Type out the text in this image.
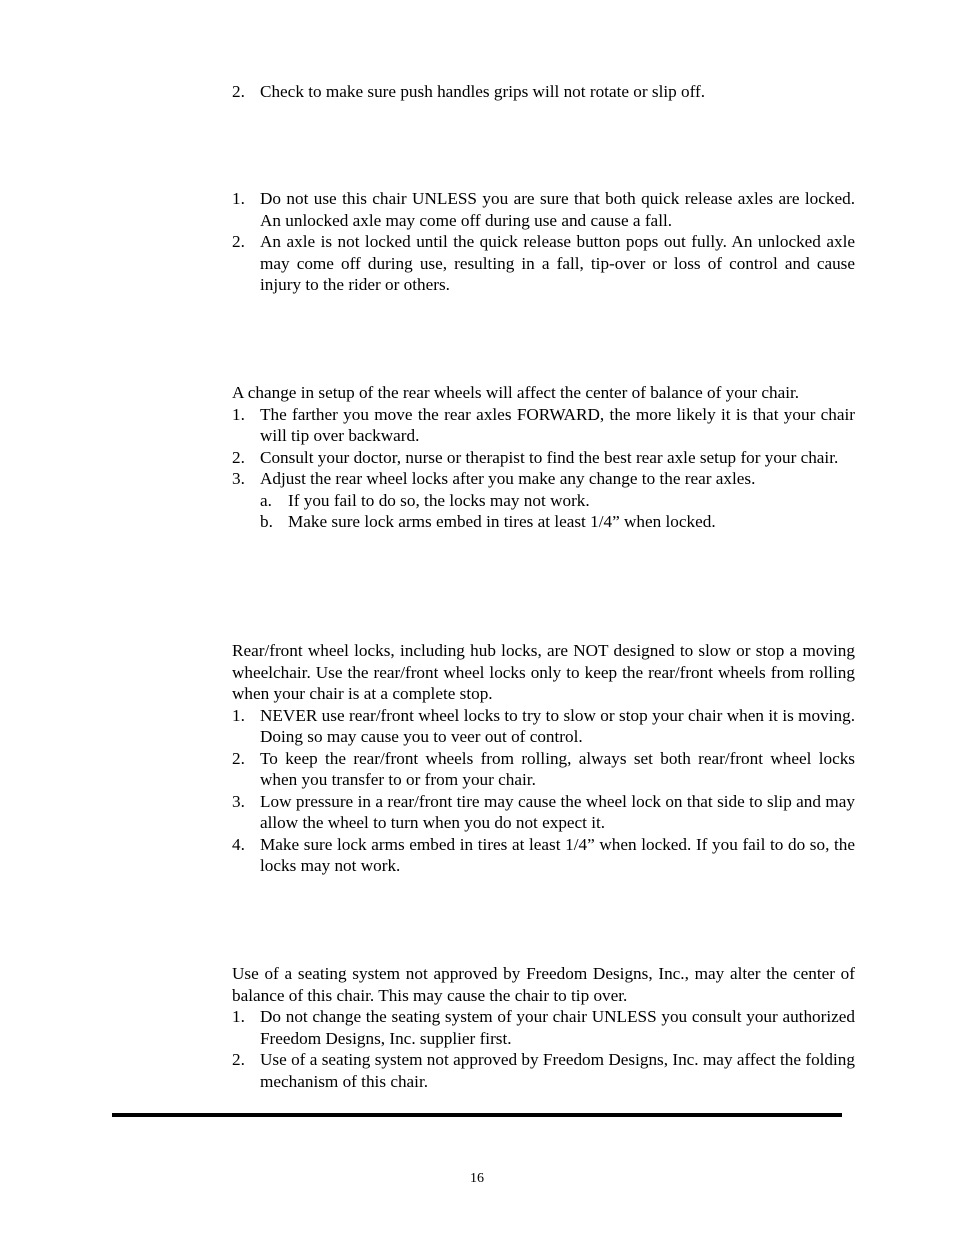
2. Check to make sure push handles grips will not rotate or slip off.
1. Do not use this chair UNLESS you are sure that both quick release axles are locked. An unlocked axle may come off during use and cause a fall.
2. An axle is not locked until the quick release button pops out fully. An unlocked axle may come off during use, resulting in a fall, tip-over or loss of control and cause injury to the rider or others.

A change in setup of the rear wheels will affect the center of balance of your chair.

1. The farther you move the rear axles FORWARD, the more likely it is that your chair will tip over backward.
2. Consult your doctor, nurse or therapist to find the best rear axle setup for your chair.
3. Adjust the rear wheel locks after you make any change to the rear axles.
a. If you fail to do so, the locks may not work.
b. Make sure lock arms embed in tires at least 1/4” when locked.

Rear/front wheel locks, including hub locks, are NOT designed to slow or stop a moving wheelchair. Use the rear/front wheel locks only to keep the rear/front wheels from rolling when your chair is at a complete stop.

1. NEVER use rear/front wheel locks to try to slow or stop your chair when it is moving. Doing so may cause you to veer out of control.
2. To keep the rear/front wheels from rolling, always set both rear/front wheel locks when you transfer to or from your chair.
3. Low pressure in a rear/front tire may cause the wheel lock on that side to slip and may allow the wheel to turn when you do not expect it.
4. Make sure lock arms embed in tires at least 1/4” when locked. If you fail to do so, the locks may not work.

Use of a seating system not approved by Freedom Designs, Inc., may alter the center of balance of this chair. This may cause the chair to tip over.

1. Do not change the seating system of your chair UNLESS you consult your authorized Freedom Designs, Inc. supplier first.
2. Use of a seating system not approved by Freedom Designs, Inc. may affect the folding mechanism of this chair.
16
